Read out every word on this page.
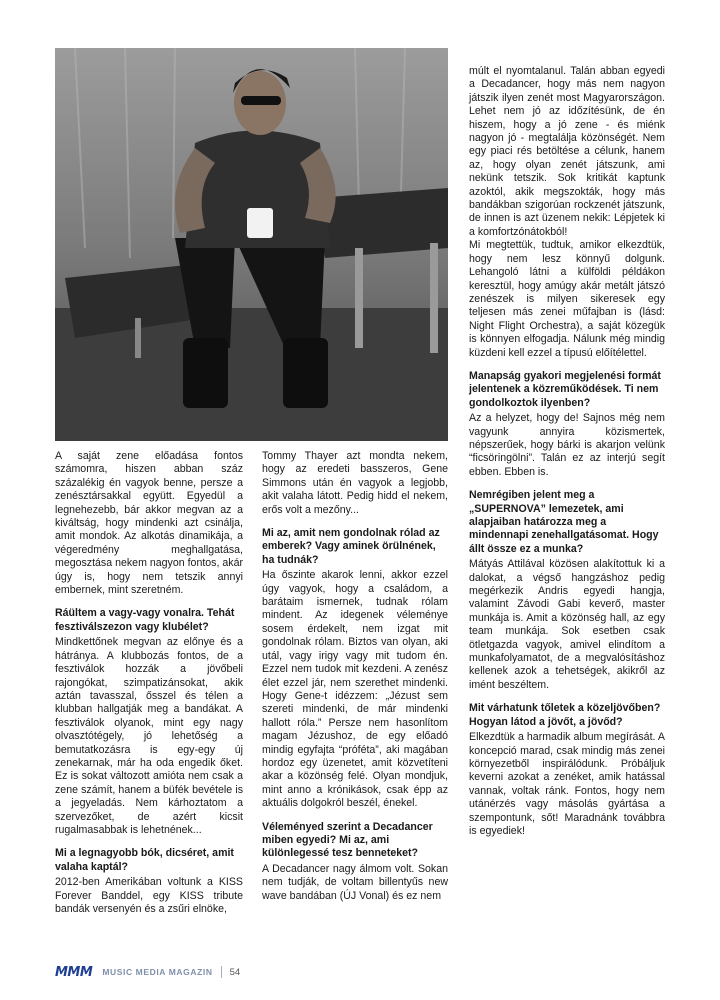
A saját zene előadása fontos számomra, hiszen abban száz százalékig én vagyok benne, persze a zenésztársakkal együtt. Egyedül a legnehezebb, bár akkor megvan az a kiváltság, hogy mindenki azt csinálja, amit mondok. Az alkotás dinamikája, a végeredmény meghallgatása, megosztása nekem nagyon fontos, akár úgy is, hogy nem tetszik annyi embernek, mint szeretném.

Ráültem a vagy-vagy vonalra. Tehát fesztiválszezon vagy klubélet?

Mindkettőnek megvan az előnye és a hátránya. A klubbozás fontos, de a fesztiválok hozzák a jövőbeli rajongókat, szimpatizánsokat, akik aztán tavasszal, ősszel és télen a klubban hallgatják meg a bandákat. A fesztiválok olyanok, mint egy nagy olvasztótégely, jó lehetőség a bemutatkozásra is egy-egy új zenekarnak, már ha oda engedik őket. Ez is sokat változott amióta nem csak a zene számít, hanem a büfék bevétele is a jegyeladás. Nem kárhoztatom a szervezőket, de azért kicsit rugalmasabbak is lehetnének...

Mi a legnagyobb bók, dicséret, amit valaha kaptál?

2012-ben Amerikában voltunk a KISS Forever Banddel, egy KISS tribute bandák versenyén és a zsűri elnöke,

Tommy Thayer azt mondta nekem, hogy az eredeti basszeros, Gene Simmons után én vagyok a legjobb, akit valaha látott. Pedig hidd el nekem, erős volt a mezőny...

Mi az, amit nem gondolnak rólad az emberek? Vagy aminek örülnének, ha tudnák?

Ha őszinte akarok lenni, akkor ezzel úgy vagyok, hogy a családom, a barátaim ismernek, tudnak rólam mindent. Az idegenek véleménye sosem érdekelt, nem izgat mit gondolnak rólam. Biztos van olyan, aki utál, vagy irigy vagy mit tudom én. Ezzel nem tudok mit kezdeni. A zenész élet ezzel jár, nem szerethet mindenki. Hogy Gene-t idézzem: „Jézust sem szereti mindenki, de már mindenki hallott róla.” Persze nem hasonlítom magam Jézushoz, de egy előadó mindig egyfajta “próféta”, aki magában hordoz egy üzenetet, amit közvetíteni akar a közönség felé. Olyan mondjuk, mint anno a krónikások, csak épp az aktuális dolgokról beszél, énekel.

Véleményed szerint a Decadancer miben egyedi? Mi az, ami különlegessé tesz benneteket?

A Decadancer nagy álmom volt. Sokan nem tudják, de voltam billentyűs new wave bandában (ÚJ Vonal) és ez nem

múlt el nyomtalanul. Talán abban egyedi a Decadancer, hogy más nem nagyon játszik ilyen zenét most Magyarországon. Lehet nem jó az időzítésünk, de én hiszem, hogy a jó zene - és miénk nagyon jó - megtalálja közönségét. Nem egy piaci rés betöltése a célunk, hanem az, hogy olyan zenét játszunk, ami nekünk tetszik. Sok kritikát kaptunk azoktól, akik megszokták, hogy más bandákban szigorúan rockzenét játszunk, de innen is azt üzenem nekik: Lépjetek ki a komfortzónátokból!

Mi megtettük, tudtuk, amikor elkezdtük, hogy nem lesz könnyű dolgunk. Lehangoló látni a külföldi példákon keresztül, hogy amúgy akár metált játszó zenészek is milyen sikeresek egy teljesen más zenei műfajban is (lásd: Night Flight Orchestra), a saját közegük is könnyen elfogadja. Nálunk még mindig küzdeni kell ezzel a típusú előítélettel.

Manapság gyakori megjelenési formát jelentenek a közreműködések. Ti nem gondolkoztok ilyenben?

Az a helyzet, hogy de! Sajnos még nem vagyunk annyira közismertek, népszerűek, hogy bárki is akarjon velünk “ficsöringölni”. Talán ez az interjú segít ebben. Ebben is.

Nemrégiben jelent meg a „SUPERNOVA” lemezetek, ami alapjaiban határozza meg a mindennapi zenehallgatásomat. Hogy állt össze ez a munka?

Mátyás Attilával közösen alakítottuk ki a dalokat, a végső hangzáshoz pedig megérkezik Andris egyedi hangja, valamint Závodi Gabi keverő, master munkája is. Amit a közönség hall, az egy team munkája. Sok esetben csak ötletgazda vagyok, amivel elindítom a munkafolyamatot, de a megvalósításhoz kellenek azok a tehetségek, akikről az imént beszéltem.

Mit várhatunk tőletek a közeljövőben? Hogyan látod a jövőt, a jövőd?

Elkezdtük a harmadik album megírását. A koncepció marad, csak mindig más zenei környezetből inspirálódunk. Próbáljuk keverni azokat a zenéket, amik hatással vannak, voltak ránk. Fontos, hogy nem utánérzés vagy másolás gyártása a szempontunk, sőt! Maradnánk továbbra is egyediek!

MMM MUSIC MEDIA MAGAZIN 54
